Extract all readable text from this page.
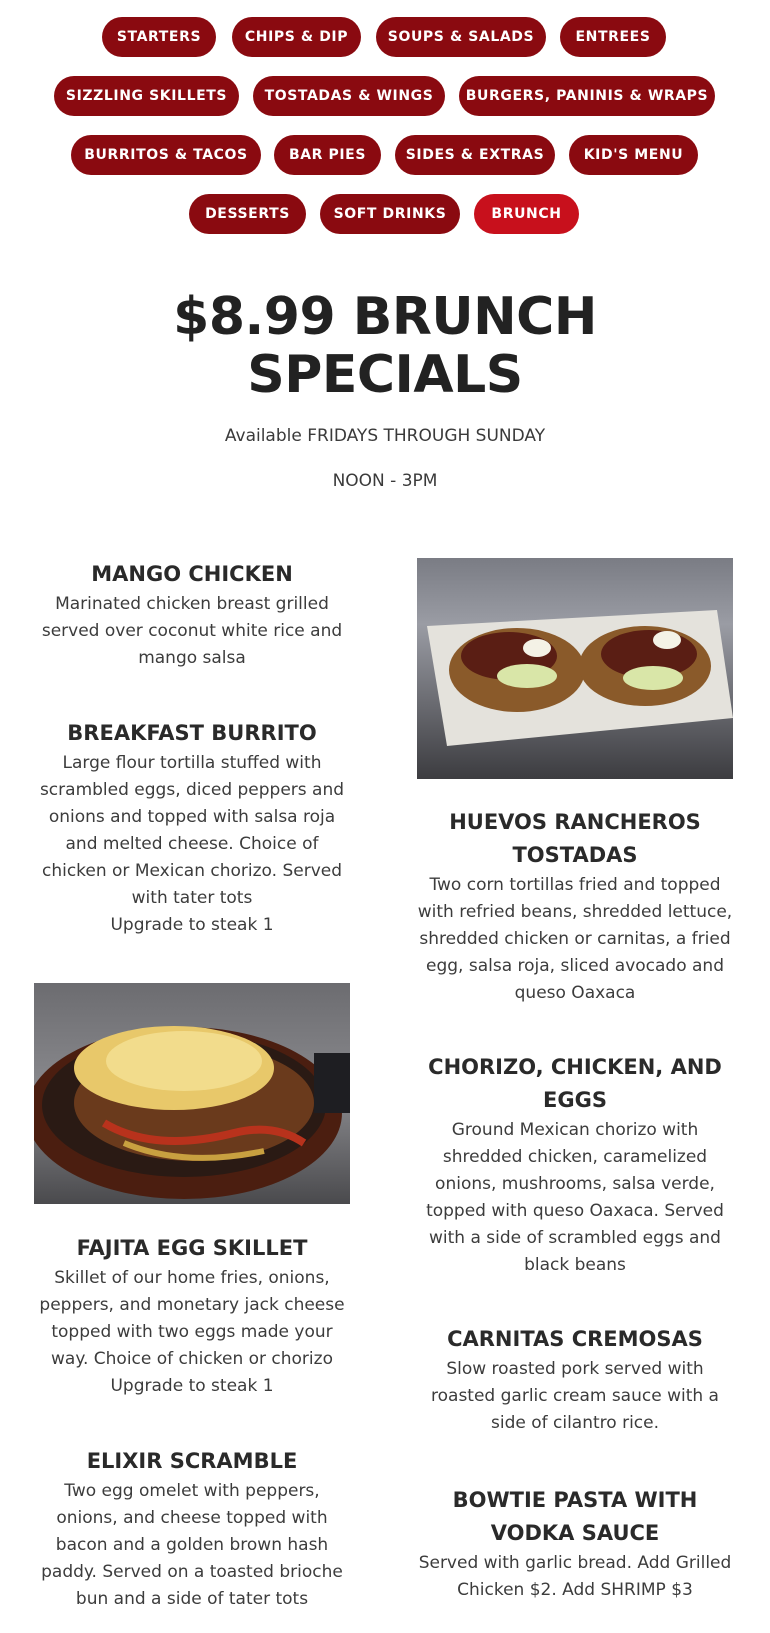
STARTERS	CHIPS & DIP	SOUPS & SALADS	ENTREES
SIZZLING SKILLETS	TOSTADAS & WINGS	BURGERS, PANINIS & WRAPS
BURRITOS & TACOS	BAR PIES	SIDES & EXTRAS	KID'S MENU
DESSERTS	SOFT DRINKS	BRUNCH
$8.99 BRUNCH
SPECIALS
Available FRIDAYS THROUGH SUNDAY
NOON - 3PM
MANGO CHICKEN

Marinated chicken breast grilled served over coconut white rice and mango salsa

BREAKFAST BURRITO

Large flour tortilla stuffed with scrambled eggs, diced peppers and onions and topped with salsa roja and melted cheese. Choice of chicken or Mexican chorizo. Served with tater tots

Upgrade to steak 1

FAJITA EGG SKILLET

Skillet of our home fries, onions, peppers, and monetary jack cheese topped with two eggs made your way. Choice of chicken or chorizo

Upgrade to steak 1

ELIXIR SCRAMBLE

Two egg omelet with peppers, onions, and cheese topped with bacon and a golden brown hash paddy. Served on a toasted brioche bun and a side of tater tots

HUEVOS RANCHEROS TOSTADAS

Two corn tortillas fried and topped with refried beans, shredded lettuce, shredded chicken or carnitas, a fried egg, salsa roja, sliced avocado and queso Oaxaca

CHORIZO, CHICKEN, AND EGGS

Ground Mexican chorizo with shredded chicken, caramelized onions, mushrooms, salsa verde, topped with queso Oaxaca. Served with a side of scrambled eggs and black beans

CARNITAS CREMOSAS

Slow roasted pork served with roasted garlic cream sauce with a side of cilantro rice.

BOWTIE PASTA WITH VODKA SAUCE

Served with garlic bread. Add Grilled Chicken $2. Add SHRIMP $3
